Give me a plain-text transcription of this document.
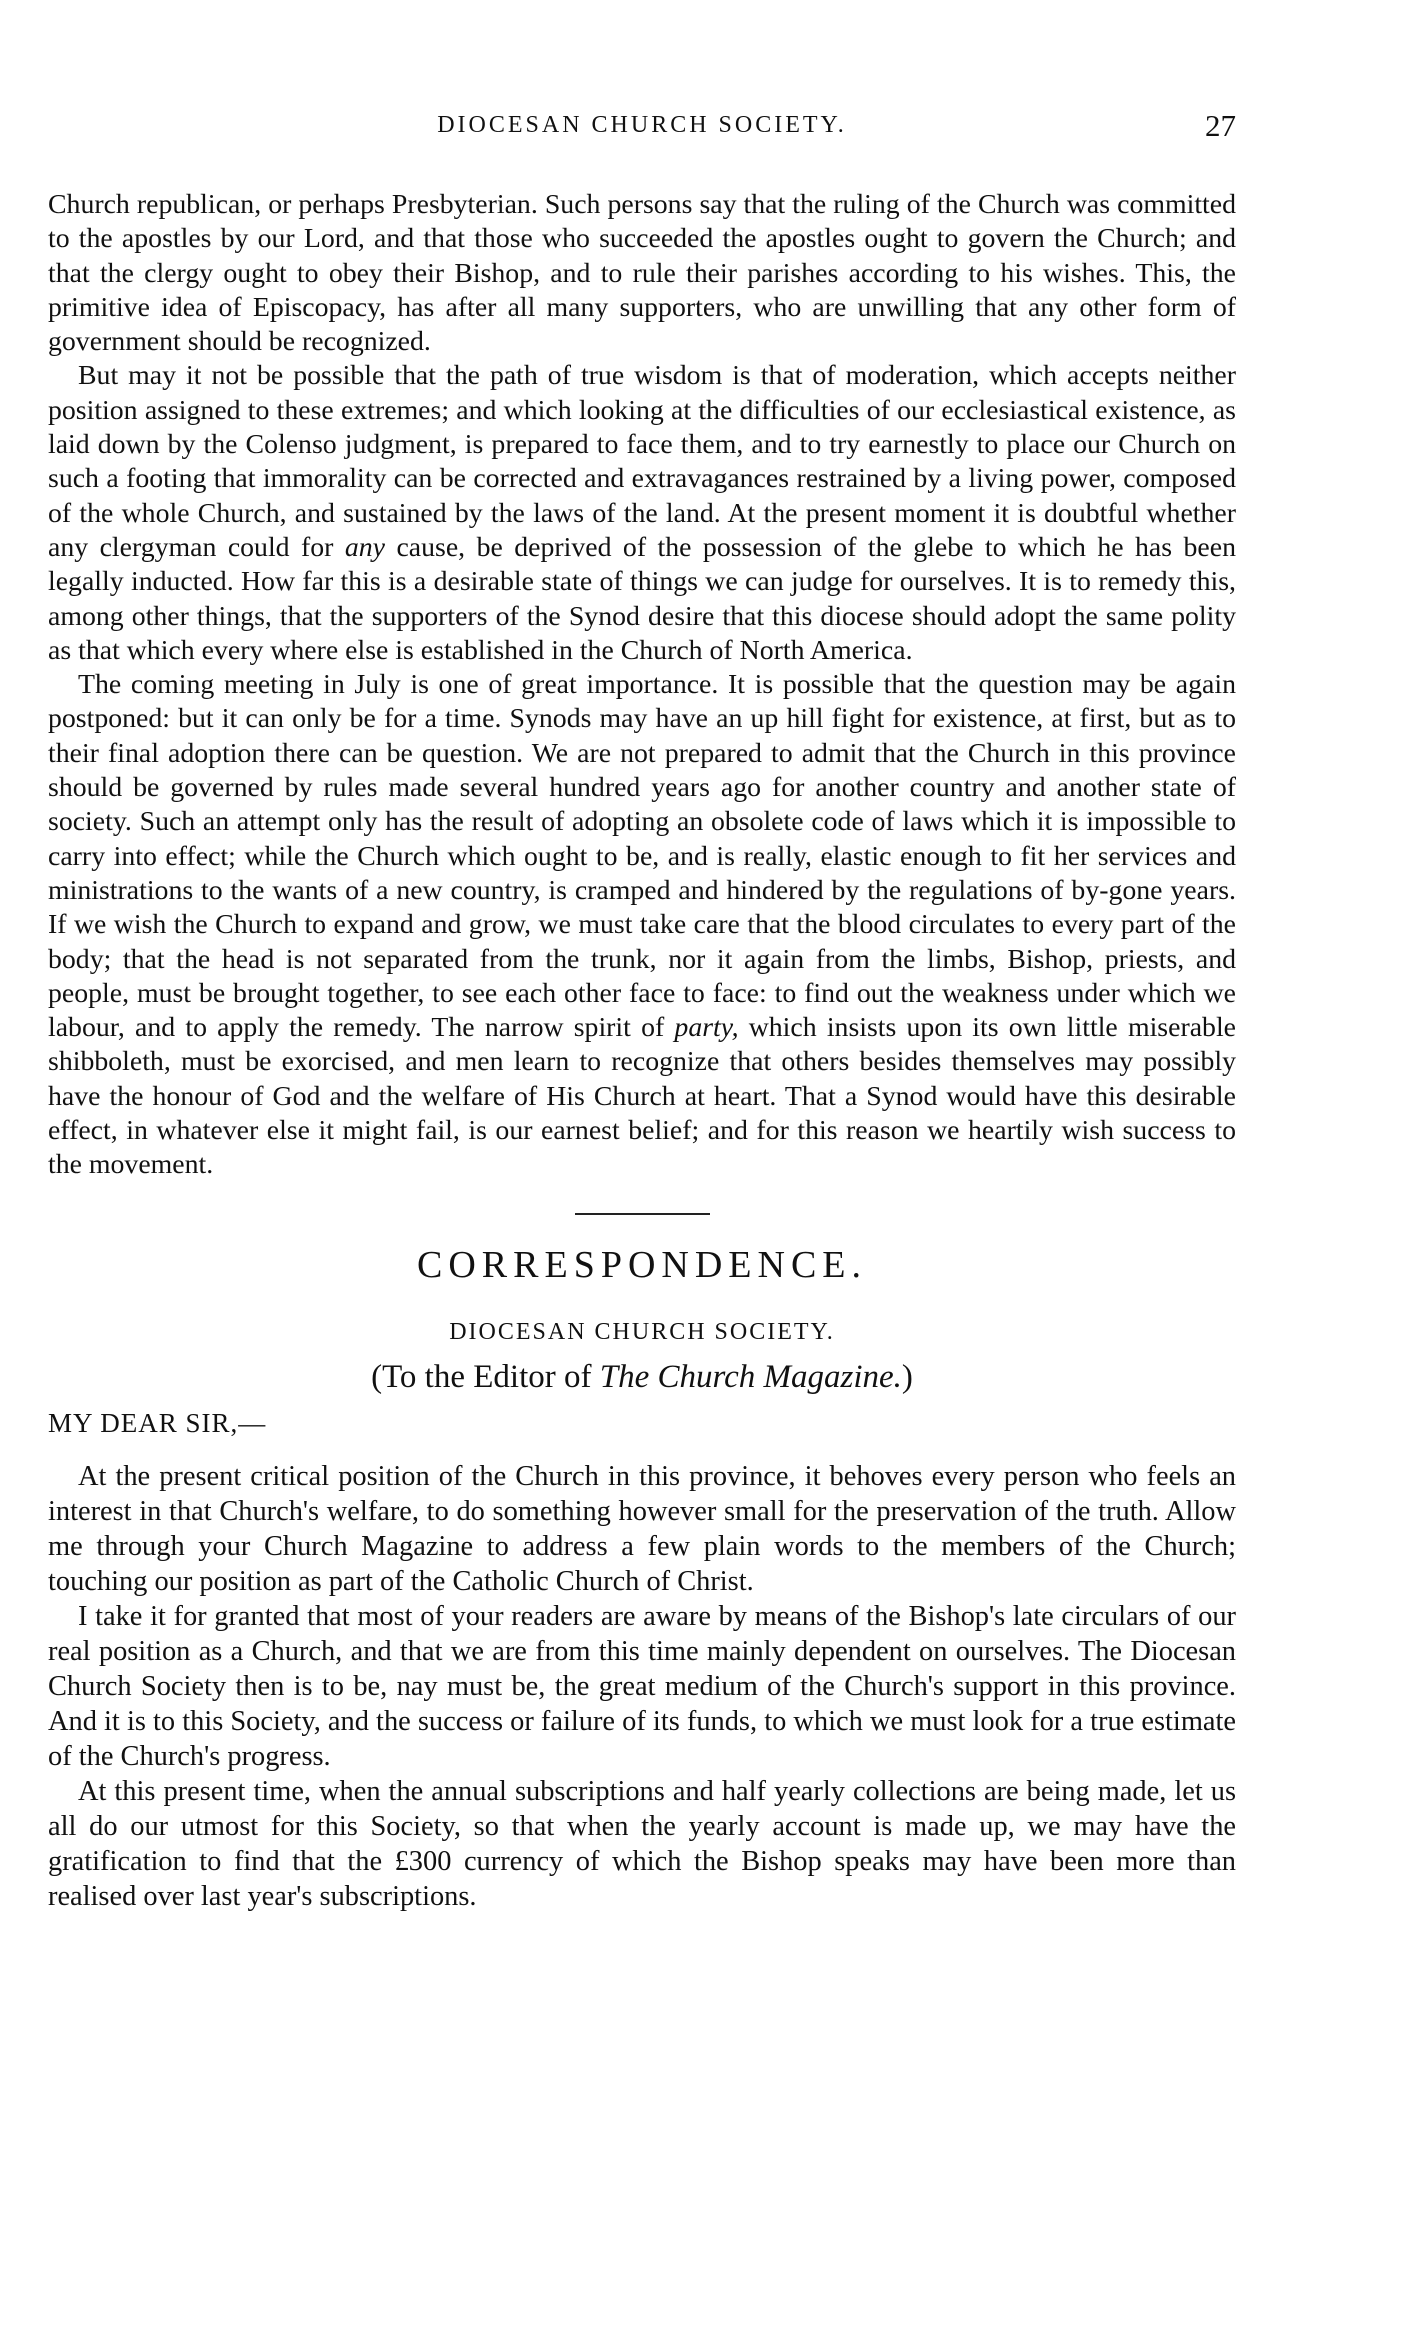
DIOCESAN CHURCH SOCIETY.	27

Church republican, or perhaps Presbyterian. Such persons say that the ruling of the Church was committed to the apostles by our Lord, and that those who succeeded the apostles ought to govern the Church; and that the clergy ought to obey their Bishop, and to rule their parishes according to his wishes. This, the primitive idea of Episcopacy, has after all many supporters, who are unwilling that any other form of government should be recognized.

But may it not be possible that the path of true wisdom is that of moderation, which accepts neither position assigned to these extremes; and which looking at the difficulties of our ecclesiastical existence, as laid down by the Colenso judgment, is prepared to face them, and to try earnestly to place our Church on such a footing that immorality can be corrected and extravagances restrained by a living power, composed of the whole Church, and sustained by the laws of the land. At the present moment it is doubtful whether any clergyman could for any cause, be deprived of the possession of the glebe to which he has been legally inducted. How far this is a desirable state of things we can judge for ourselves. It is to remedy this, among other things, that the supporters of the Synod desire that this diocese should adopt the same polity as that which every where else is established in the Church of North America.

The coming meeting in July is one of great importance. It is possible that the question may be again postponed: but it can only be for a time. Synods may have an up hill fight for existence, at first, but as to their final adoption there can be question. We are not prepared to admit that the Church in this province should be governed by rules made several hundred years ago for another country and another state of society. Such an attempt only has the result of adopting an obsolete code of laws which it is impossible to carry into effect; while the Church which ought to be, and is really, elastic enough to fit her services and ministrations to the wants of a new country, is cramped and hindered by the regulations of by-gone years. If we wish the Church to expand and grow, we must take care that the blood circulates to every part of the body; that the head is not separated from the trunk, nor it again from the limbs, Bishop, priests, and people, must be brought together, to see each other face to face: to find out the weakness under which we labour, and to apply the remedy. The narrow spirit of party, which insists upon its own little miserable shibboleth, must be exorcised, and men learn to recognize that others besides themselves may possibly have the honour of God and the welfare of His Church at heart. That a Synod would have this desirable effect, in whatever else it might fail, is our earnest belief; and for this reason we heartily wish success to the movement.

CORRESPONDENCE.
DIOCESAN CHURCH SOCIETY.
(To the Editor of The Church Magazine.)
MY DEAR SIR,—

At the present critical position of the Church in this province, it behoves every person who feels an interest in that Church's welfare, to do something however small for the preservation of the truth. Allow me through your Church Magazine to address a few plain words to the members of the Church; touching our position as part of the Catholic Church of Christ.

I take it for granted that most of your readers are aware by means of the Bishop's late circulars of our real position as a Church, and that we are from this time mainly dependent on ourselves. The Diocesan Church Society then is to be, nay must be, the great medium of the Church's support in this province. And it is to this Society, and the success or failure of its funds, to which we must look for a true estimate of the Church's progress.

At this present time, when the annual subscriptions and half yearly collections are being made, let us all do our utmost for this Society, so that when the yearly account is made up, we may have the gratification to find that the £300 currency of which the Bishop speaks may have been more than realised over last year's subscriptions.
